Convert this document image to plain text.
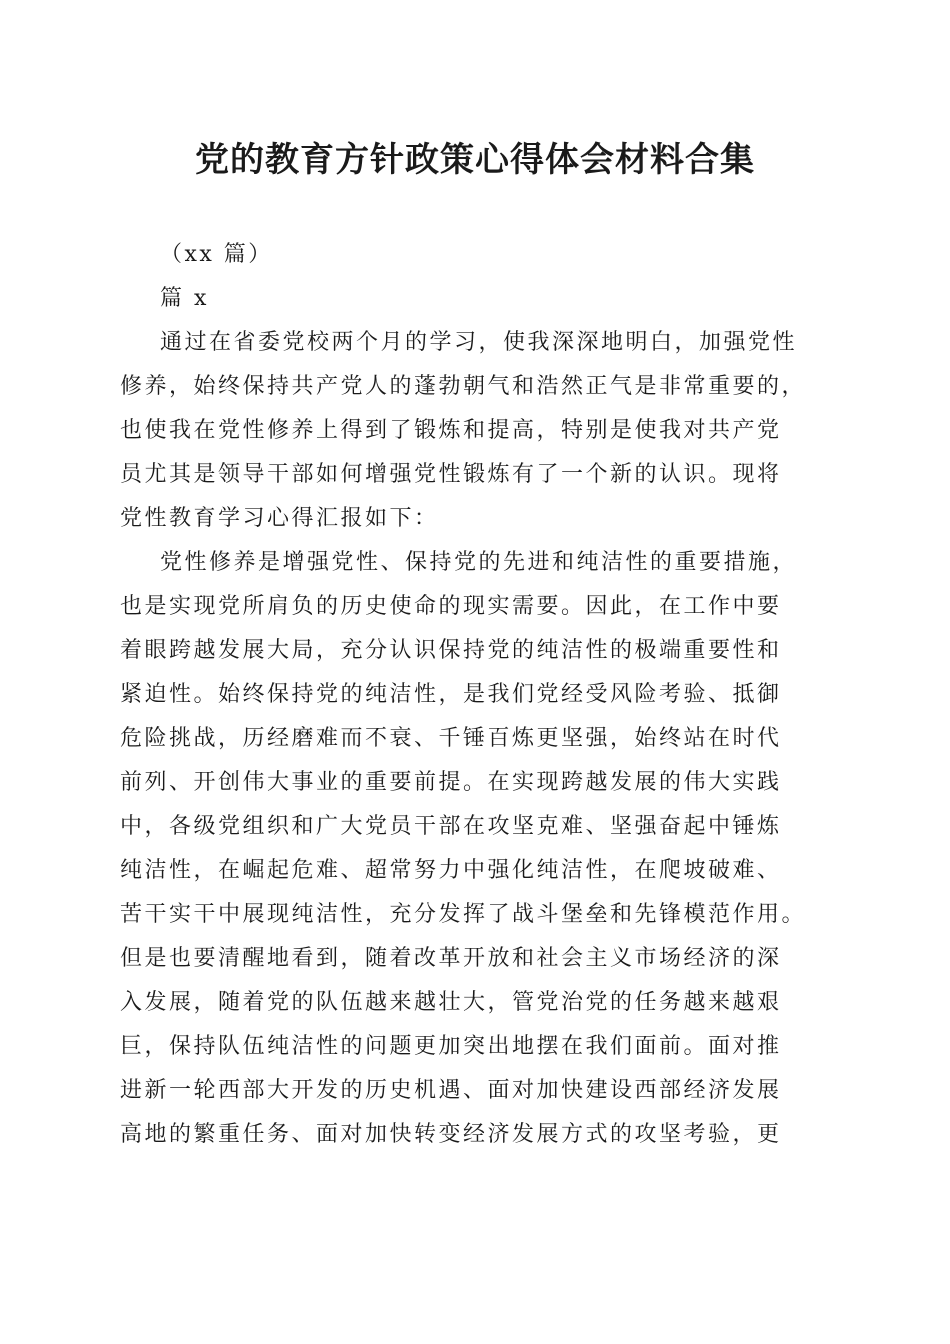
党的教育方针政策心得体会材料合集
（xx 篇）
篇 x
通过在省委党校两个月的学习，使我深深地明白，加强党性
修养，始终保持共产党人的蓬勃朝气和浩然正气是非常重要的，
也使我在党性修养上得到了锻炼和提高，特别是使我对共产党
员尤其是领导干部如何增强党性锻炼有了一个新的认识。现将
党性教育学习心得汇报如下：
党性修养是增强党性、保持党的先进和纯洁性的重要措施，
也是实现党所肩负的历史使命的现实需要。因此，在工作中要
着眼跨越发展大局，充分认识保持党的纯洁性的极端重要性和
紧迫性。始终保持党的纯洁性，是我们党经受风险考验、抵御
危险挑战，历经磨难而不衰、千锤百炼更坚强，始终站在时代
前列、开创伟大事业的重要前提。在实现跨越发展的伟大实践
中，各级党组织和广大党员干部在攻坚克难、坚强奋起中锤炼
纯洁性，在崛起危难、超常努力中强化纯洁性，在爬坡破难、
苦干实干中展现纯洁性，充分发挥了战斗堡垒和先锋模范作用。
但是也要清醒地看到，随着改革开放和社会主义市场经济的深
入发展，随着党的队伍越来越壮大，管党治党的任务越来越艰
巨，保持队伍纯洁性的问题更加突出地摆在我们面前。面对推
进新一轮西部大开发的历史机遇、面对加快建设西部经济发展
高地的繁重任务、面对加快转变经济发展方式的攻坚考验，更
